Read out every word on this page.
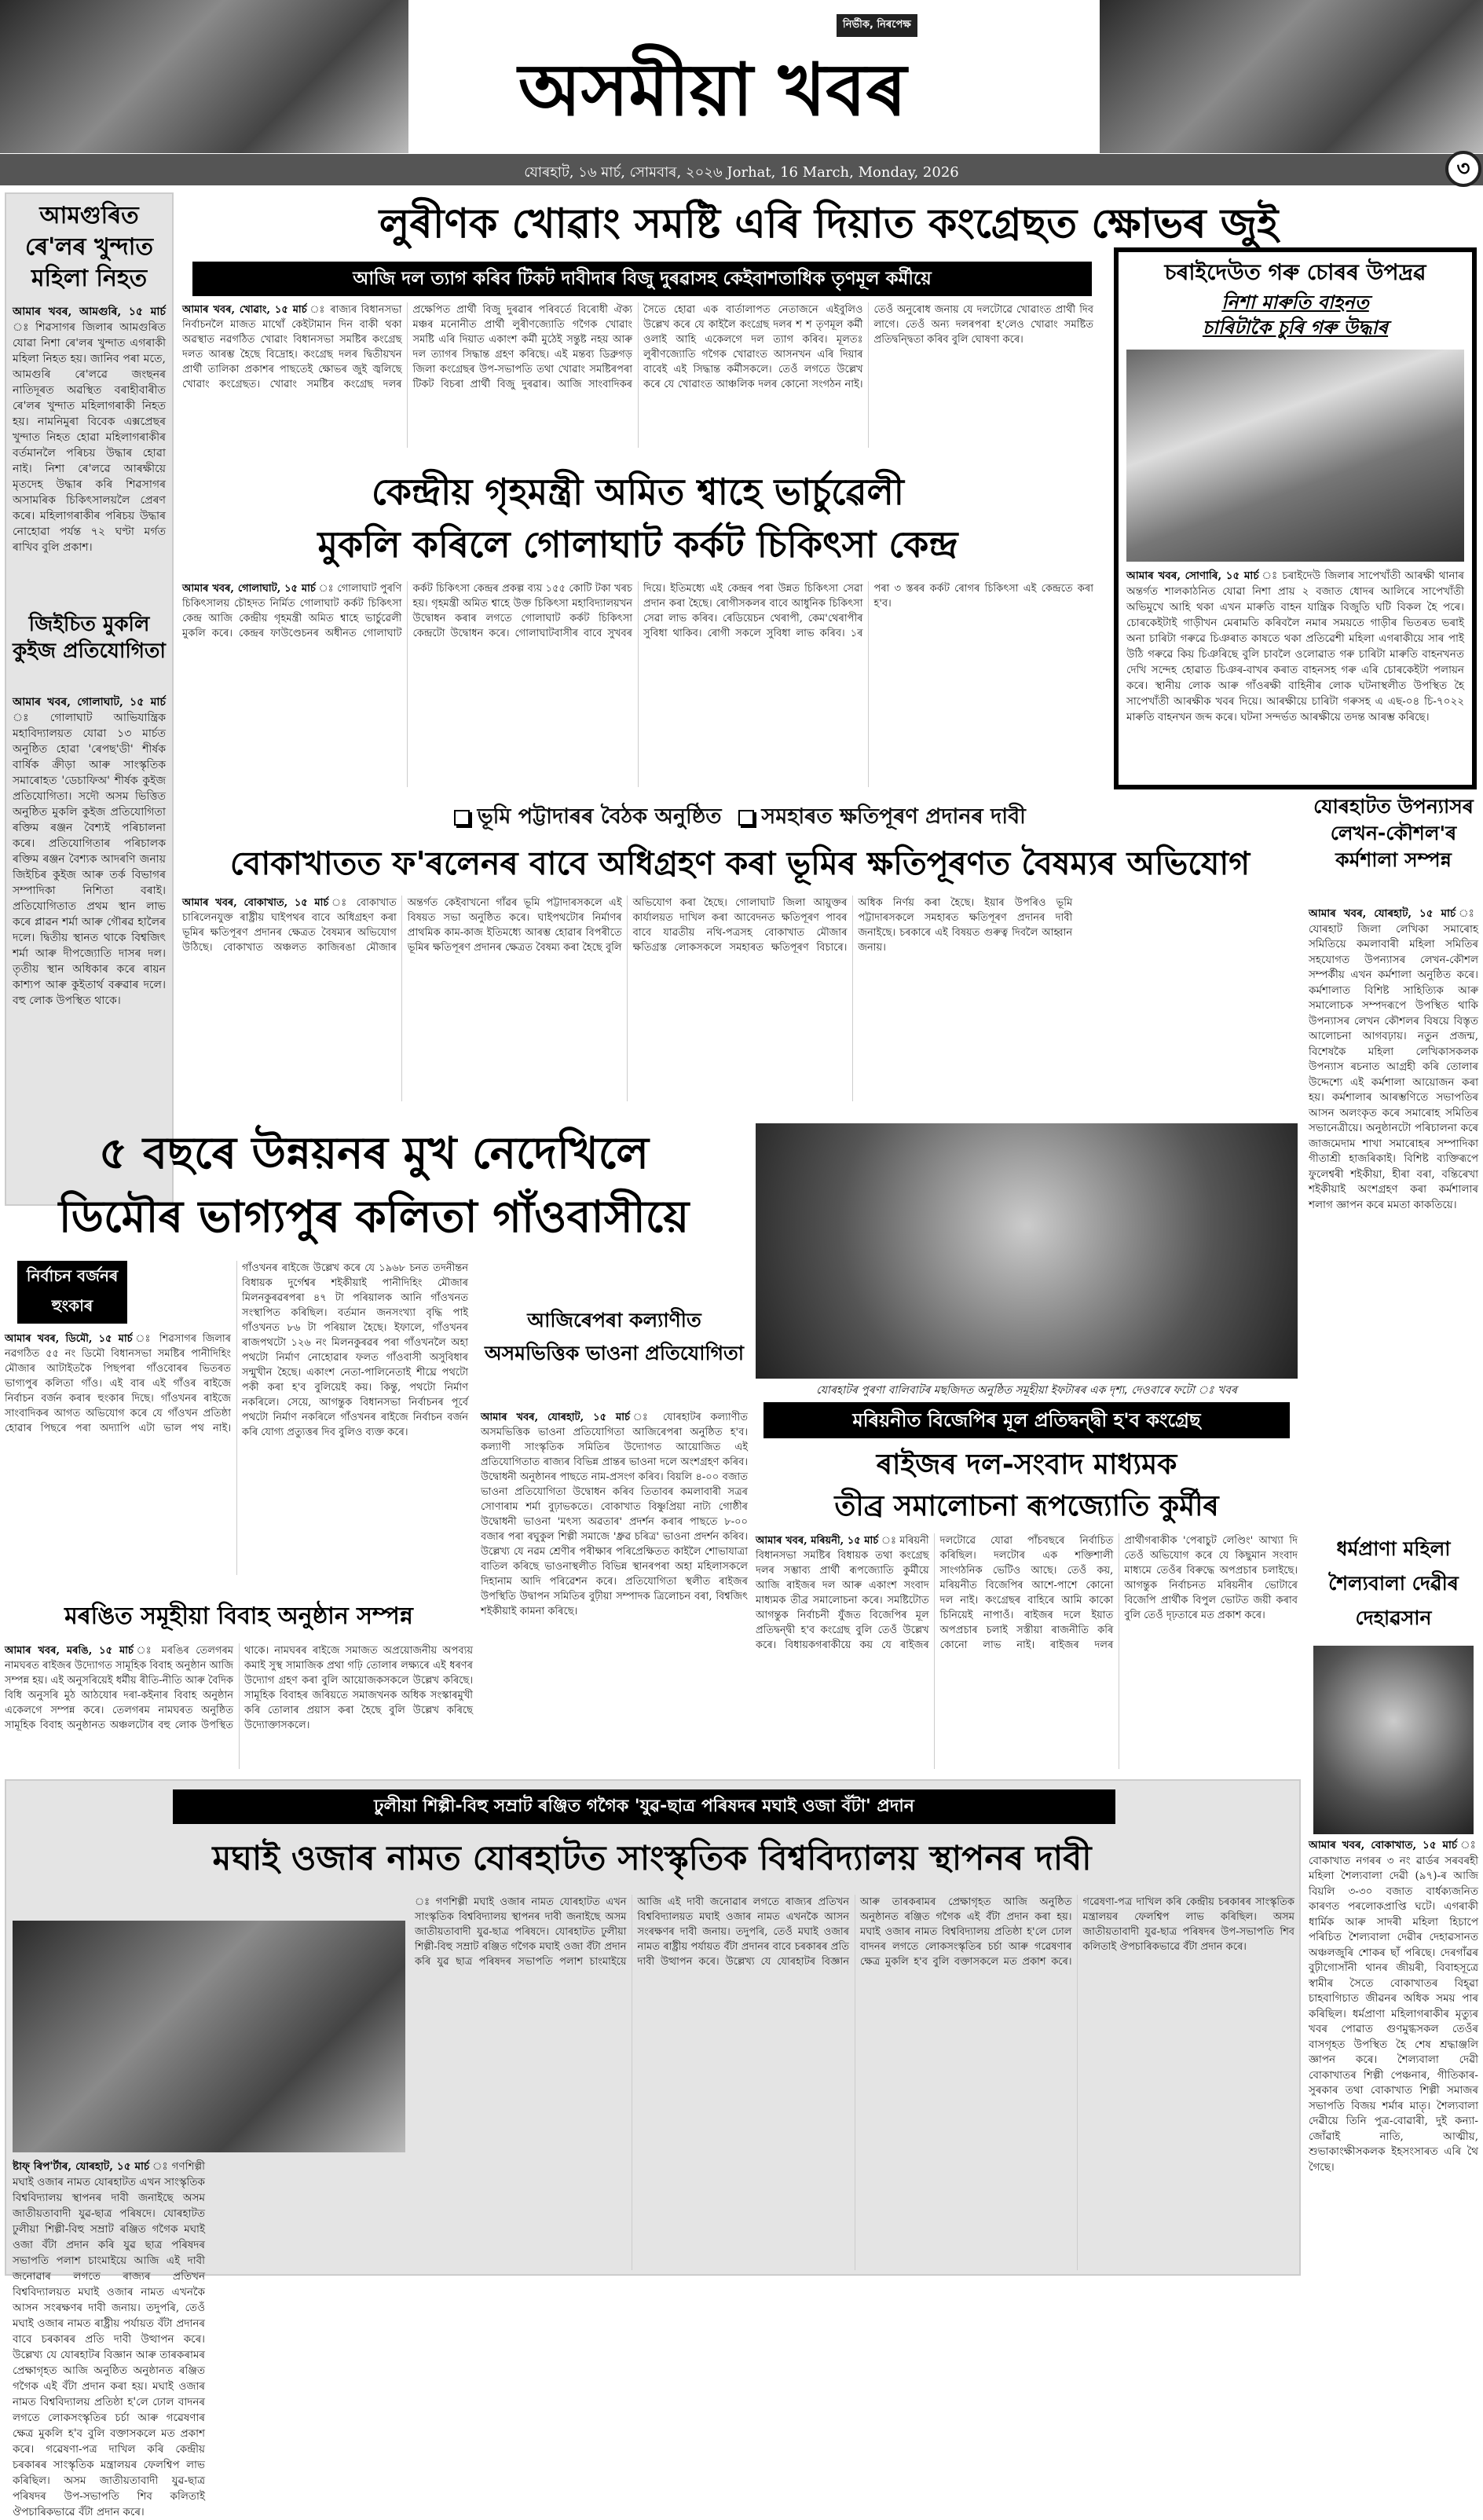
নিৰ্ভীক, নিৰপেক্ষ
অসমীয়া খবৰ
যোৰহাট, ১৬ মাৰ্চ, সোমবাৰ, ২০২৬ Jorhat, 16 March, Monday, 2026	৩
আমগুৰিত ৰে'লৰ খুন্দাত মহিলা নিহত
আমাৰ খবৰ, আমগুৰি, ১৫ মাৰ্চ ঃ শিৱসাগৰ জিলাৰ আমগুৰিত যোৱা নিশা ৰে'লৰ খুন্দাত এগৰাকী মহিলা নিহত হয়। জানিব পৰা মতে, আমগুৰি ৰে'লৱে জংছনৰ নাতিদূৰত অৱস্থিত বৰাহীবাৰীত ৰে'লৰ খুন্দাত মহিলাগৰাকী নিহত হয়। নামনিমুৰা বিবেক এক্সপ্ৰেছৰ খুন্দাত নিহত হোৱা মহিলাগৰাকীৰ বৰ্তমানলৈ পৰিচয় উদ্ধাৰ হোৱা নাই। নিশা ৰে'লৱে আৰক্ষীয়ে মৃতদেহ উদ্ধাৰ কৰি শিৱসাগৰ অসামৰিক চিকিৎসালয়লৈ প্ৰেৰণ কৰে। মহিলাগৰাকীৰ পৰিচয় উদ্ধাৰ নোহোৱা পৰ্যন্ত ৭২ ঘণ্টা মৰ্গত ৰাখিব বুলি প্ৰকাশ।
জিইচিত মুকলি কুইজ প্ৰতিযোগিতা
আমাৰ খবৰ, গোলাঘাট, ১৫ মাৰ্চ ঃ গোলাঘাট আভিযান্ত্ৰিক মহাবিদ্যালয়ত যোৱা ১৩ মাৰ্চত অনুষ্ঠিত হোৱা 'ৰেপছ'ডী' শীৰ্ষক বাৰ্ষিক ক্ৰীড়া আৰু সাংস্কৃতিক সমাৰোহত 'ডেচাফিঅ' শীৰ্ষক কুইজ প্ৰতিযোগিতা। সদৌ অসম ভিত্তিত অনুষ্ঠিত মুকলি কুইজ প্ৰতিযোগিতা ৰক্তিম ৰঞ্জন বৈশ্যই পৰিচালনা কৰে। প্ৰতিযোগিতাৰ পৰিচালক ৰক্তিম ৰঞ্জন বৈশ্যক আদৰণি জনায় জিইচিৰ কুইজ আৰু তৰ্ক বিভাগৰ সম্পাদিকা নিশিতা বৰাই। প্ৰতিযোগিতাত প্ৰথম স্থান লাভ কৰে প্লাৱন শৰ্মা আৰু গৌৰৱ হালৈৰ দলে। দ্বিতীয় স্থানত থাকে বিশ্বজিৎ শৰ্মা আৰু দীপজ্যোতি দাসৰ দল। তৃতীয় স্থান অধিকাৰ কৰে ৰায়ন কাশ্যপ আৰু কুইতাৰ্থ বৰুৱাৰ দলে। বহু লোক উপস্থিত থাকে।
লুৰীণক খোৱাং সমষ্টি এৰি দিয়াত কংগ্ৰেছত ক্ষোভৰ জুই
আজি দল ত্যাগ কৰিব টিকট দাবীদাৰ বিজু দুৰৱাসহ কেইবাশতাধিক তৃণমূল কৰ্মীয়ে
আমাৰ খবৰ, খোৱাং, ১৫ মাৰ্চ ঃ ৰাজ্যৰ বিধানসভা নিৰ্বাচনলৈ মাজত মাথোঁ কেইটামান দিন বাকী থকা অৱস্থাত নৱগঠিত খোৱাং বিধানসভা সমষ্টিৰ কংগ্ৰেছ দলত আৰম্ভ হৈছে বিদ্ৰোহ। কংগ্ৰেছ দলৰ দ্বিতীয়খন প্ৰাৰ্থী তালিকা প্ৰকাশৰ পাছতেই ক্ষোভৰ জুই জ্বলিছে খোৱাং কংগ্ৰেছত। খোৱাং সমষ্টিৰ কংগ্ৰেছ দলৰ প্ৰক্ষেপিত প্ৰাৰ্থী বিজু দুৰৱাৰ পৰিবৰ্তে বিৰোধী ঐক্য মঞ্চৰ মনোনীত প্ৰাৰ্থী লুৰীণজ্যোতি গগৈক খোৱাং সমষ্টি এৰি দিয়াত একাংশ কৰ্মী মুঠেই সন্তুষ্ট নহয় আৰু দল ত্যাগৰ সিদ্ধান্ত গ্ৰহণ কৰিছে। এই মন্তব্য ডিব্ৰুগড় জিলা কংগ্ৰেছৰ উপ-সভাপতি তথা খোৱাং সমষ্টিৰপৰা টিকট বিচৰা প্ৰাৰ্থী বিজু দুৰৱাৰ। আজি সাংবাদিকৰ সৈতে হোৱা এক বাৰ্তালাপত নেতাজনে এইবুলিও উল্লেখ কৰে যে কাইলৈ কংগ্ৰেছ দলৰ শ শ তৃণমূল কৰ্মী ওলাই আহি একেলগে দল ত্যাগ কৰিব। মূলতঃ লুৰীণজ্যোতি গগৈক খোৱাংত আসনখন এৰি দিয়াৰ বাবেই এই সিদ্ধান্ত কৰ্মীসকলে। তেওঁ লগতে উল্লেখ কৰে যে খোৱাংত আঞ্চলিক দলৰ কোনো সংগঠন নাই। তেওঁ অনুৰোধ জনায় যে দলটোৱে খোৱাংত প্ৰাৰ্থী দিব লাগে। তেওঁ অন্য দলৰপৰা হ'লেও খোৱাং সমষ্টিত প্ৰতিদ্বন্দ্বিতা কৰিব বুলি ঘোষণা কৰে।
চৰাইদেউত গৰু চোৰৰ উপদ্ৰৱ
নিশা মাৰুতি বাহনত
চাৰিটাকৈ চুৰি গৰু উদ্ধাৰ
আমাৰ খবৰ, সোণাৰি, ১৫ মাৰ্চ ঃ চৰাইদেউ জিলাৰ সাপেখাঁতী আৰক্ষী থানাৰ অন্তৰ্গত শালকাঠনিত যোৱা নিশা প্ৰায় ২ বজাত ধোদৰ আলিৰে সাপেখাঁতী অভিমুখে আহি থকা এখন মাৰুতি বাহন যান্ত্ৰিক বিজুতি ঘটি বিকল হৈ পৰে। চোৰকেইটাই গাড়ীখন মেৰামতি কৰিবলৈ নমাৰ সময়তে গাড়ীৰ ভিতৰত ভৰাই অনা চাৰিটা গৰুৱে চিঞৰাত কাষতে থকা প্ৰতিৱেশী মহিলা এগৰাকীয়ে সাৰ পাই উঠি গৰুৱে কিয় চিঞৰিছে বুলি চাবলৈ ওলোৱাত গৰু চাৰিটা মাৰুতি বাহনখনত দেখি সন্দেহ হোৱাত চিঞৰ-বাখৰ কৰাত বাহনসহ গৰু এৰি চোৰকেইটা পলায়ন কৰে। স্থানীয় লোক আৰু গাঁওৰক্ষী বাহিনীৰ লোক ঘটনাস্থলীত উপস্থিত হৈ সাপেখাঁতী আৰক্ষীক খবৰ দিয়ে। আৰক্ষীয়ে চাৰিটা গৰুসহ এ এছ-০৪ চি-৭০২২ মাৰুতি বাহনখন জব্দ কৰে। ঘটনা সন্দৰ্ভত আৰক্ষীয়ে তদন্ত আৰম্ভ কৰিছে।
কেন্দ্ৰীয় গৃহমন্ত্ৰী অমিত শ্বাহে ভাৰ্চুৱেলী
মুকলি কৰিলে গোলাঘাট কৰ্কট চিকিৎসা কেন্দ্ৰ
আমাৰ খবৰ, গোলাঘাট, ১৫ মাৰ্চ ঃ গোলাঘাট পুৰণি চিকিৎসালয় চৌহদত নিৰ্মিত গোলাঘাট কৰ্কট চিকিৎসা কেন্দ্ৰ আজি কেন্দ্ৰীয় গৃহমন্ত্ৰী অমিত শ্বাহে ভাৰ্চুৱেলী মুকলি কৰে। কেন্দ্ৰৰ ফাউণ্ডেচনৰ অধীনত গোলাঘাট কৰ্কট চিকিৎসা কেন্দ্ৰৰ প্ৰকল্প ব্যয় ১৫৫ কোটি টকা খৰচ হয়। গৃহমন্ত্ৰী অমিত শ্বাহে উক্ত চিকিৎসা মহাবিদ্যালয়খন উদ্বোধন কৰাৰ লগতে গোলাঘাট কৰ্কট চিকিৎসা কেন্দ্ৰটো উদ্বোধন কৰে। গোলাঘাটবাসীৰ বাবে সুখবৰ দিয়ে। ইতিমধ্যে এই কেন্দ্ৰৰ পৰা উন্নত চিকিৎসা সেৱা প্ৰদান কৰা হৈছে। ৰোগীসকলৰ বাবে আধুনিক চিকিৎসা সেৱা লাভ কৰিব। ৰেডিয়েচন থেৰাপী, কেম'থেৰাপীৰ সুবিধা থাকিব। ৰোগী সকলে সুবিধা লাভ কৰিব। ১ৰ পৰা ৩ স্তৰৰ কৰ্কট ৰোগৰ চিকিৎসা এই কেন্দ্ৰতে কৰা হ'ব।
ভূমি পট্টাদাৰৰ বৈঠক অনুষ্ঠিত সমহাৰত ক্ষতিপূৰণ প্ৰদানৰ দাবী
বোকাখাতত ফ'ৰলেনৰ বাবে অধিগ্ৰহণ কৰা ভূমিৰ ক্ষতিপূৰণত বৈষম্যৰ অভিযোগ
আমাৰ খবৰ, বোকাখাত, ১৫ মাৰ্চ ঃ বোকাখাত চাৰিলেনযুক্ত ৰাষ্ট্ৰীয় ঘাইপথৰ বাবে অধিগ্ৰহণ কৰা ভূমিৰ ক্ষতিপূৰণ প্ৰদানৰ ক্ষেত্ৰত বৈষম্যৰ অভিযোগ উঠিছে। বোকাখাত অঞ্চলত কাজিৰঙা মৌজাৰ অন্তৰ্গত কেইবাখনো গাঁৱৰ ভূমি পট্টাদাৰসকলে এই বিষয়ত সভা অনুষ্ঠিত কৰে। ঘাইপথটোৰ নিৰ্মাণৰ প্ৰাথমিক কাম-কাজ ইতিমধ্যে আৰম্ভ হোৱাৰ বিপৰীতে ভূমিৰ ক্ষতিপূৰণ প্ৰদানৰ ক্ষেত্ৰত বৈষম্য কৰা হৈছে বুলি অভিযোগ কৰা হৈছে। গোলাঘাট জিলা আয়ুক্তৰ কাৰ্যালয়ত দাখিল কৰা আবেদনত ক্ষতিপূৰণ পাবৰ বাবে যাৱতীয় নথি-পত্ৰসহ বোকাখাত মৌজাৰ ক্ষতিগ্ৰস্ত লোকসকলে সমহাৰত ক্ষতিপূৰণ বিচাৰে। অধিক নিৰ্ণয় কৰা হৈছে। ইয়াৰ উপৰিও ভূমি পট্টাদাৰসকলে সমহাৰত ক্ষতিপূৰণ প্ৰদানৰ দাবী জনাইছে। চৰকাৰে এই বিষয়ত গুৰুত্ব দিবলৈ আহ্বান জনায়।
যোৰহাটত উপন্যাসৰ লেখন-কৌশল'ৰ কৰ্মশালা সম্পন্ন
আমাৰ খবৰ, যোৰহাট, ১৫ মাৰ্চ যোৰহাট জিলা লেখিকা সমাৰোহ সমিতিয়ে কমলাবাৰী মহিলা সমিতিৰ সহযোগত উপন্যাসৰ লেখন-কৌশল সম্পৰ্কীয় এখন কৰ্মশালা অনুষ্ঠিত কৰে। কৰ্মশালাত বিশিষ্ট সাহিত্যিক আৰু সমালোচক সম্পদৰূপে উপস্থিত থাকি উপন্যাসৰ লেখন কৌশলৰ বিষয়ে বিস্তৃত আলোচনা আগবঢ়ায়। নতুন প্ৰজন্ম, বিশেষকৈ মহিলা লেখিকাসকলক উপন্যাস ৰচনাত আগ্ৰহী কৰি তোলাৰ উদ্দেশ্যে এই কৰ্মশালা আয়োজন কৰা হয়। কৰ্মশালাৰ আৰম্ভণিতে সভাপতিৰ আসন অলংকৃত কৰে সমাৰোহ সমিতিৰ সভানেত্ৰীয়ে। অনুষ্ঠানটো পৰিচালনা কৰে জাজমেদাম শাখা সমাৰোহৰ সম্পাদিকা গীতাশ্ৰী হাজৰিকাই। বিশিষ্ট ব্যক্তিৰূপে ফুলেশ্বৰী শইকীয়া, হীৰা বৰা, বন্তিৰেখা শইকীয়াই অংশগ্ৰহণ কৰা কৰ্মশালাৰ শলাগ জ্ঞাপন কৰে মমতা কাকতিয়ে।
৫ বছৰে উন্নয়নৰ মুখ নেদেখিলে
ডিমৌৰ ভাগ্যপুৰ কলিতা গাঁওবাসীয়ে
নিৰ্বাচন বৰ্জনৰ
হুংকাৰ
আমাৰ খবৰ, ডিমৌ, ১৫ মাৰ্চ ঃ শিৱসাগৰ জিলাৰ নৱগঠিত ৫৫ নং ডিমৌ বিধানসভা সমষ্টিৰ পানীদিহিং মৌজাৰ আটাইতকৈ পিছপৰা গাঁওবোৰৰ ভিতৰত ভাগ্যপুৰ কলিতা গাঁও। এই বাৰ এই গাঁওৰ ৰাইজে নিৰ্বাচন বৰ্জন কৰাৰ হুংকাৰ দিছে। গাঁওখনৰ ৰাইজে সাংবাদিকৰ আগত অভিযোগ কৰে যে গাঁওখন প্ৰতিষ্ঠা হোৱাৰ পিছৰে পৰা অদ্যাপি এটা ভাল পথ নাই। গাঁওখনৰ ৰাইজে উল্লেখ কৰে যে ১৯৬৮ চনত তদনীন্তন বিধায়ক দুৰ্গেশ্বৰ শইকীয়াই পানীদিহিং মৌজাৰ মিলনকুৰৱৰপৰা ৪৭ টা পৰিয়ালক আনি গাঁওখনত সংস্থাপিত কৰিছিল। বৰ্তমান জনসংখ্যা বৃদ্ধি পাই গাঁওখনত ৮৬ টা পৰিয়াল হৈছে। ইফালে, গাঁওখনৰ ৰাজপথটো ১২৬ নং মিলনকুৰৱৰ পৰা গাঁওখনলৈ অহা পথটো নিৰ্মাণ নোহোৱাৰ ফলত গাঁওবাসী অসুবিধাৰ সন্মুখীন হৈছে। একাংশ নেতা-পালিনেতাই শীঘ্ৰে পথটো পকী কৰা হ'ব বুলিয়েই কয়। কিন্তু, পথটো নিৰ্মাণ নকৰিলে। সেয়ে, আগন্তুক বিধানসভা নিৰ্বাচনৰ পূৰ্বে পথটো নিৰ্মাণ নকৰিলে গাঁওখনৰ ৰাইজে নিৰ্বাচন বৰ্জন কৰি যোগ্য প্ৰত্যুত্তৰ দিব বুলিও ব্যক্ত কৰে।
আজিৰেপৰা কল্যাণীত অসমভিত্তিক ভাওনা প্ৰতিযোগিতা
আমাৰ খবৰ, যোৰহাট, ১৫ মাৰ্চ ঃ যোৰহাটৰ কল্যাণীত অসমভিত্তিক ভাওনা প্ৰতিযোগিতা আজিৰেপৰা অনুষ্ঠিত হ'ব। কল্যাণী সাংস্কৃতিক সমিতিৰ উদ্যোগত আয়োজিত এই প্ৰতিযোগিতাত ৰাজ্যৰ বিভিন্ন প্ৰান্তৰ ভাওনা দলে অংশগ্ৰহণ কৰিব। উদ্বোধনী অনুষ্ঠানৰ পাছতে নাম-প্ৰসংগ কৰিব। বিয়লি ৪-০০ বজাত ভাওনা প্ৰতিযোগিতা উদ্বোধন কৰিব তিতাবৰ কমলাবাৰী সত্ৰৰ সোণাৰাম শৰ্মা বুঢ়াভকতে। বোকাখাত বিষ্ণুপ্ৰিয়া নাট্য গোষ্ঠীৰ উদ্বোধনী ভাওনা 'মৎস্য অৱতাৰ' প্ৰদৰ্শন কৰাৰ পাছতে ৮-০০ বজাৰ পৰা ৰঘুকুল শিল্পী সমাজে 'ধ্ৰুৱ চৰিত্ৰ' ভাওনা প্ৰদৰ্শন কৰিব। উল্লেখ্য যে নৱম শ্ৰেণীৰ পৰীক্ষাৰ পৰিপ্ৰেক্ষিতত কাইলৈ শোভাযাত্ৰা বাতিল কৰিছে ভাওনাস্থলীত বিভিন্ন স্থানৰপৰা অহা মহিলাসকলে দিহানাম আদি পৰিৱেশন কৰে। প্ৰতিযোগিতা স্থলীত ৰাইজৰ উপস্থিতি উদ্বাপন সমিতিৰ বুঢ়ীয়া সম্পাদক ত্ৰিলোচন বৰা, বিশ্বজিৎ শইকীয়াই কামনা কৰিছে।
যোৰহাটৰ পুৰণা বালিবাটৰ মছজিদত অনুষ্ঠিত সমূহীয়া ইফটাৰৰ এক দৃশ্য, দেওবাৰে ফটো ঃ খবৰ
মৰিয়নীত বিজেপিৰ মূল প্ৰতিদ্বন্দ্বী হ'ব কংগ্ৰেছ
ৰাইজৰ দল-সংবাদ মাধ্যমক
তীব্ৰ সমালোচনা ৰূপজ্যোতি কুৰ্মীৰ
আমাৰ খবৰ, মৰিয়নী, ১৫ মাৰ্চ ঃ মৰিয়নী বিধানসভা সমষ্টিৰ বিধায়ক তথা কংগ্ৰেছ দলৰ সম্ভাব্য প্ৰাৰ্থী ৰূপজ্যোতি কুৰ্মীয়ে আজি ৰাইজৰ দল আৰু একাংশ সংবাদ মাধ্যমক তীব্ৰ সমালোচনা কৰে। সমষ্টিটোত আগন্তুক নিৰ্বাচনী যুঁজত বিজেপিৰ মূল প্ৰতিদ্বন্দ্বী হ'ব কংগ্ৰেছ বুলি তেওঁ উল্লেখ কৰে। বিধায়কগৰাকীয়ে কয় যে ৰাইজৰ দলটোৱে যোৱা পাঁচবছৰে নিৰ্বাচিত কৰিছিল। দলটোৰ এক শক্তিশালী সাংগঠনিক ভেটিও আছে। তেওঁ কয়, মৰিয়নীত বিজেপিৰ আশে-পাশে কোনো দল নাই। কংগ্ৰেছৰ বাহিৰে আমি কাকো চিনিয়েই নাপাওঁ। ৰাইজৰ দলে ইয়াত অপপ্ৰচাৰ চলাই সস্তীয়া ৰাজনীতি কৰি কোনো লাভ নাই। ৰাইজৰ দলৰ প্ৰাৰ্থীগৰাকীক 'পেৰাচুট লেণ্ডিং' আখ্যা দি তেওঁ অভিযোগ কৰে যে কিছুমান সংবাদ মাধ্যমে তেওঁৰ বিৰুদ্ধে অপপ্ৰচাৰ চলাইছে। আগন্তুক নিৰ্বাচনত মৰিয়নীৰ ভোটাৰে বিজেপি প্ৰাৰ্থীক বিপুল ভোটত জয়ী কৰাব বুলি তেওঁ দৃঢ়তাৰে মত প্ৰকাশ কৰে।
মৰঙিত সমূহীয়া বিবাহ অনুষ্ঠান সম্পন্ন
আমাৰ খবৰ, মৰঙি, ১৫ মাৰ্চ ঃ মৰঙিৰ তেলগৰম নামঘৰত ৰাইজৰ উদ্যোগত সামূহিক বিবাহ অনুষ্ঠান আজি সম্পন্ন হয়। এই অনুসৰিয়েই ধৰ্মীয় ৰীতি-নীতি আৰু বৈদিক বিধি অনুসৰি মুঠ আঠযোৰ দৰা-কইনাৰ বিবাহ অনুষ্ঠান একেলগে সম্পন্ন কৰে। তেলগৰম নামঘৰত অনুষ্ঠিত সামূহিক বিবাহ অনুষ্ঠানত অঞ্চলটোৰ বহু লোক উপস্থিত থাকে। নামঘৰৰ ৰাইজে সমাজত অপ্ৰয়োজনীয় অপব্যয় কমাই সুস্থ সামাজিক প্ৰথা গঢ়ি তোলাৰ লক্ষ্যৰে এই ধৰণৰ উদ্যোগ গ্ৰহণ কৰা বুলি আয়োজকসকলে উল্লেখ কৰিছে। সামূহিক বিবাহৰ জৰিয়তে সমাজখনক অধিক সংস্কাৰমুখী কৰি তোলাৰ প্ৰয়াস কৰা হৈছে বুলি উল্লেখ কৰিছে উদ্যোক্তাসকলে।
ধৰ্মপ্ৰাণা মহিলা শৈল্যবালা দেৱীৰ দেহাৱসান
আমাৰ খবৰ, বোকাখাত, ১৫ মাৰ্চ বোকাখাত নগৰৰ ৩ নং ৱাৰ্ডৰ সৰবৰহী মহিলা শৈল্যবালা দেৱী (৯৭)-ৰ আজি বিয়লি ৩-৩০ বজাত বাৰ্ধক্যজনিত কাৰণত পৰলোকপ্ৰাপ্তি ঘটে। এগৰাকী ধাৰ্মিক আৰু সাদৰী মহিলা হিচাপে পৰিচিত শৈল্যবালা দেৱীৰ দেহাৱসানত অঞ্চলজুৰি শোকৰ ছাঁ পৰিছে। দেৰগাঁৱৰ বুঢ়ীগোসাঁনী থানৰ জীয়ৰী, বিবাহসূত্ৰে স্বামীৰ সৈতে বোকাখাতৰ বিহ্‌ৱা চাহবাগিচাত জীৱনৰ অধিক সময় পাৰ কৰিছিল। ধৰ্মপ্ৰাণা মহিলাগৰাকীৰ মৃত্যুৰ খবৰ পোৱাত গুণমুগ্ধসকল তেওঁৰ বাসগৃহত উপস্থিত হৈ শেষ শ্ৰদ্ধাঞ্জলি জ্ঞাপন কৰে। শৈল্যবালা দেৱী বোকাখাতৰ শিল্পী পেঞ্চনাৰ, গীতিকাৰ-সুৰকাৰ তথা বোকাখাত শিল্পী সমাজৰ সভাপতি বিজয় শৰ্মাৰ মাতৃ। শৈল্যবালা দেৱীয়ে তিনি পুত্ৰ-বোৱাৰী, দুই কন্যা-জোঁৱাই নাতি, আত্মীয়, শুভাকাংক্ষীসকলক ইহসংসাৰত এৰি থৈ গৈছে।
ঢুলীয়া শিল্পী-বিহু সম্ৰাট ৰঞ্জিত গগৈক 'যুৱ-ছাত্ৰ পৰিষদৰ মঘাই ওজা বঁটা' প্ৰদান
মঘাই ওজাৰ নামত যোৰহাটত সাংস্কৃতিক বিশ্ববিদ্যালয় স্থাপনৰ দাবী
ষ্টাফ্ ৰিপ'ৰ্টাৰ, যোৰহাট, ১৫ মাৰ্চ ঃ গণশিল্পী মঘাই ওজাৰ নামত যোৰহাটত এখন সাংস্কৃতিক বিশ্ববিদ্যালয় স্থাপনৰ দাবী জনাইছে অসম জাতীয়তাবাদী যুৱ-ছাত্ৰ পৰিষদে। যোৰহাটত ঢুলীয়া শিল্পী-বিহু সম্ৰাট ৰঞ্জিত গগৈক মঘাই ওজা বঁটা প্ৰদান কৰি যুৱ ছাত্ৰ পৰিষদৰ সভাপতি পলাশ চাংমাইয়ে আজি এই দাবী জনোৱাৰ লগতে ৰাজ্যৰ প্ৰতিখন বিশ্ববিদ্যালয়ত মঘাই ওজাৰ নামত এখনকৈ আসন সংৰক্ষণৰ দাবী জনায়। তদুপৰি, তেওঁ মঘাই ওজাৰ নামত ৰাষ্ট্ৰীয় পৰ্যায়ত বঁটা প্ৰদানৰ বাবে চৰকাৰৰ প্ৰতি দাবী উত্থাপন কৰে। উল্লেখ্য যে যোৰহাটৰ বিজ্ঞান আৰু তাৰকৰামৰ প্ৰেক্ষাগৃহত আজি অনুষ্ঠিত অনুষ্ঠানত ৰঞ্জিত গগৈক এই বঁটা প্ৰদান কৰা হয়। মঘাই ওজাৰ নামত বিশ্ববিদ্যালয় প্ৰতিষ্ঠা হ'লে ঢোল বাদনৰ লগতে লোকসংস্কৃতিৰ চৰ্চা আৰু গৱেষণাৰ ক্ষেত্ৰ মুকলি হ'ব বুলি বক্তাসকলে মত প্ৰকাশ কৰে। গৱেষণা-পত্ৰ দাখিল কৰি কেন্দ্ৰীয় চৰকাৰৰ সাংস্কৃতিক মন্ত্ৰালয়ৰ ফেলশ্বিপ লাভ কৰিছিল। অসম জাতীয়তাবাদী যুৱ-ছাত্ৰ পৰিষদৰ উপ-সভাপতি শিব কলিতাই ঔপচাৰিকভাৱে বঁটা প্ৰদান কৰে।
ঃ গণশিল্পী মঘাই ওজাৰ নামত যোৰহাটত এখন সাংস্কৃতিক বিশ্ববিদ্যালয় স্থাপনৰ দাবী জনাইছে অসম জাতীয়তাবাদী যুৱ-ছাত্ৰ পৰিষদে। যোৰহাটত ঢুলীয়া শিল্পী-বিহু সম্ৰাট ৰঞ্জিত গগৈক মঘাই ওজা বঁটা প্ৰদান কৰি যুৱ ছাত্ৰ পৰিষদৰ সভাপতি পলাশ চাংমাইয়ে আজি এই দাবী জনোৱাৰ লগতে ৰাজ্যৰ প্ৰতিখন বিশ্ববিদ্যালয়ত মঘাই ওজাৰ নামত এখনকৈ আসন সংৰক্ষণৰ দাবী জনায়। তদুপৰি, তেওঁ মঘাই ওজাৰ নামত ৰাষ্ট্ৰীয় পৰ্যায়ত বঁটা প্ৰদানৰ বাবে চৰকাৰৰ প্ৰতি দাবী উত্থাপন কৰে। উল্লেখ্য যে যোৰহাটৰ বিজ্ঞান আৰু তাৰকৰামৰ প্ৰেক্ষাগৃহত আজি অনুষ্ঠিত অনুষ্ঠানত ৰঞ্জিত গগৈক এই বঁটা প্ৰদান কৰা হয়। মঘাই ওজাৰ নামত বিশ্ববিদ্যালয় প্ৰতিষ্ঠা হ'লে ঢোল বাদনৰ লগতে লোকসংস্কৃতিৰ চৰ্চা আৰু গৱেষণাৰ ক্ষেত্ৰ মুকলি হ'ব বুলি বক্তাসকলে মত প্ৰকাশ কৰে। গৱেষণা-পত্ৰ দাখিল কৰি কেন্দ্ৰীয় চৰকাৰৰ সাংস্কৃতিক মন্ত্ৰালয়ৰ ফেলশ্বিপ লাভ কৰিছিল। অসম জাতীয়তাবাদী যুৱ-ছাত্ৰ পৰিষদৰ উপ-সভাপতি শিব কলিতাই ঔপচাৰিকভাৱে বঁটা প্ৰদান কৰে।
